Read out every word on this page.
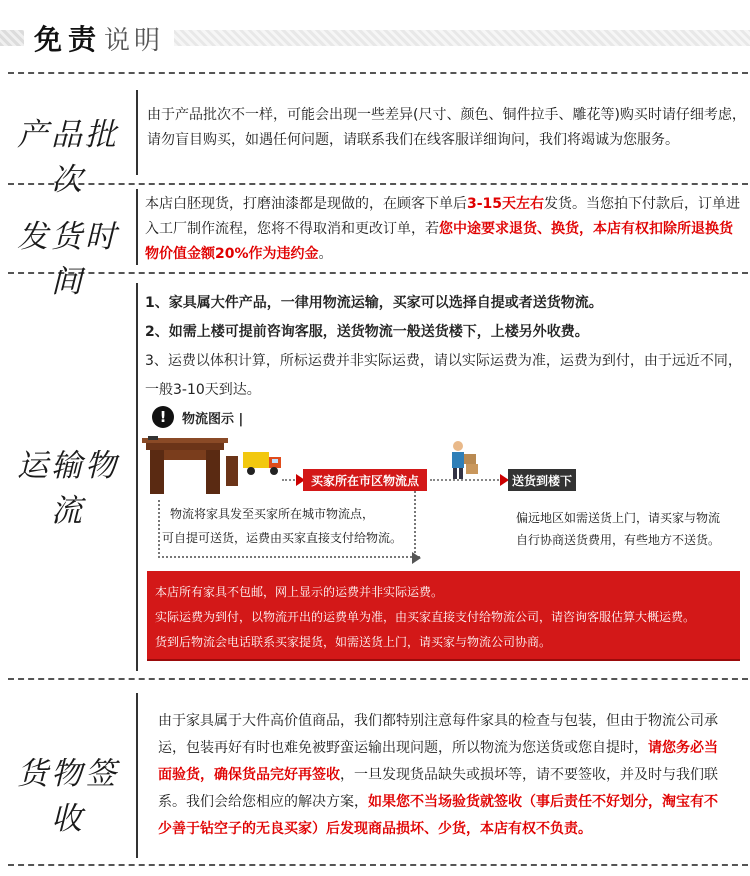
免责 说明
产品批次
由于产品批次不一样，可能会出现一些差异(尺寸、颜色、铜件拉手、雕花等)购买时请仔细考虑，
请勿盲目购买，如遇任何问题，请联系我们在线客服详细询问，我们将竭诚为您服务。
发货时间
本店白胚现货，打磨油漆都是现做的，在顾客下单后3-15天左右发货。当您拍下付款后，订单进
入工厂制作流程，您将不得取消和更改订单，若您中途要求退货、换货，本店有权扣除所退换货
物价值金额20%作为违约金。
运输物流
1、家具属大件产品，一律用物流运输，买家可以选择自提或者送货物流。
2、如需上楼可提前咨询客服，送货物流一般送货楼下，上楼另外收费。
3、运费以体积计算，所标运费并非实际运费，请以实际运费为准，运费为到付，由于远近不同，
一般3-10天到达。
!	物流图示 |
买家所在市区物流点	送货到楼下
物流将家具发至买家所在城市物流点，
可自提可送货，运费由买家直接支付给物流。
偏远地区如需送货上门，请买家与物流
自行协商送货费用，有些地方不送货。
本店所有家具不包邮，网上显示的运费并非实际运费。
实际运费为到付，以物流开出的运费单为准，由买家直接支付给物流公司，请咨询客服估算大概运费。
货到后物流会电话联系买家提货，如需送货上门，请买家与物流公司协商。
货物签收
由于家具属于大件高价值商品，我们都特别注意每件家具的检查与包装，但由于物流公司承
运，包装再好有时也难免被野蛮运输出现问题，所以物流为您送货或您自提时，请您务必当
面验货，确保货品完好再签收，一旦发现货品缺失或损坏等，请不要签收，并及时与我们联
系。我们会给您相应的解决方案，如果您不当场验货就签收（事后责任不好划分，淘宝有不
少善于钻空子的无良买家）后发现商品损坏、少货，本店有权不负责。
